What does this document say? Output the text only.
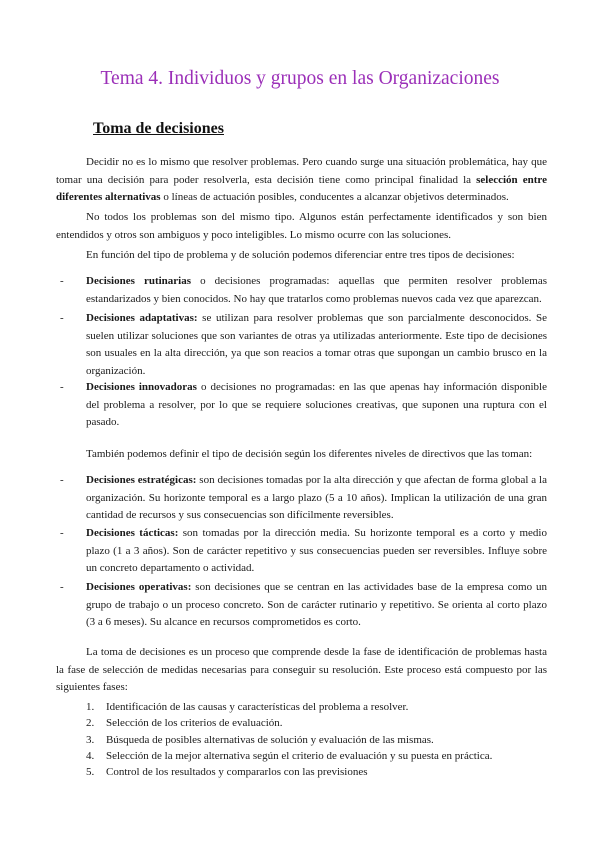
Tema 4. Individuos y grupos en las Organizaciones
Toma de decisiones

Decidir no es lo mismo que resolver problemas. Pero cuando surge una situación problemática, hay que tomar una decisión para poder resolverla, esta decisión tiene como principal finalidad la selección entre diferentes alternativas o líneas de actuación posibles, conducentes a alcanzar objetivos determinados.

No todos los problemas son del mismo tipo. Algunos están perfectamente identificados y son bien entendidos y otros son ambiguos y poco inteligibles. Lo mismo ocurre con las soluciones.

En función del tipo de problema y de solución podemos diferenciar entre tres tipos de decisiones:

-	Decisiones rutinarias o decisiones programadas: aquellas que permiten resolver problemas estandarizados y bien conocidos. No hay que tratarlos como problemas nuevos cada vez que aparezcan.
-	Decisiones adaptativas: se utilizan para resolver problemas que son parcialmente desconocidos. Se suelen utilizar soluciones que son variantes de otras ya utilizadas anteriormente. Este tipo de decisiones son usuales en la alta dirección, ya que son reacios a tomar otras que supongan un cambio brusco en la organización.
-	Decisiones innovadoras o decisiones no programadas: en las que apenas hay información disponible del problema a resolver, por lo que se requiere soluciones creativas, que suponen una ruptura con el pasado.

También podemos definir el tipo de decisión según los diferentes niveles de directivos que las toman:

-	Decisiones estratégicas: son decisiones tomadas por la alta dirección y que afectan de forma global a la organización. Su horizonte temporal es a largo plazo (5 a 10 años). Implican la utilización de una gran cantidad de recursos y sus consecuencias son difícilmente reversibles.
-	Decisiones tácticas: son tomadas por la dirección media. Su horizonte temporal es a corto y medio plazo (1 a 3 años). Son de carácter repetitivo y sus consecuencias pueden ser reversibles. Influye sobre un concreto departamento o actividad.
-	Decisiones operativas: son decisiones que se centran en las actividades base de la empresa como un grupo de trabajo o un proceso concreto. Son de carácter rutinario y repetitivo. Se orienta al corto plazo (3 a 6 meses). Su alcance en recursos comprometidos es corto.

La toma de decisiones es un proceso que comprende desde la fase de identificación de problemas hasta la fase de selección de medidas necesarias para conseguir su resolución. Este proceso está compuesto por las siguientes fases:

1. Identificación de las causas y características del problema a resolver.
2. Selección de los criterios de evaluación.
3. Búsqueda de posibles alternativas de solución y evaluación de las mismas.
4. Selección de la mejor alternativa según el criterio de evaluación y su puesta en práctica.
5. Control de los resultados y compararlos con las previsiones
